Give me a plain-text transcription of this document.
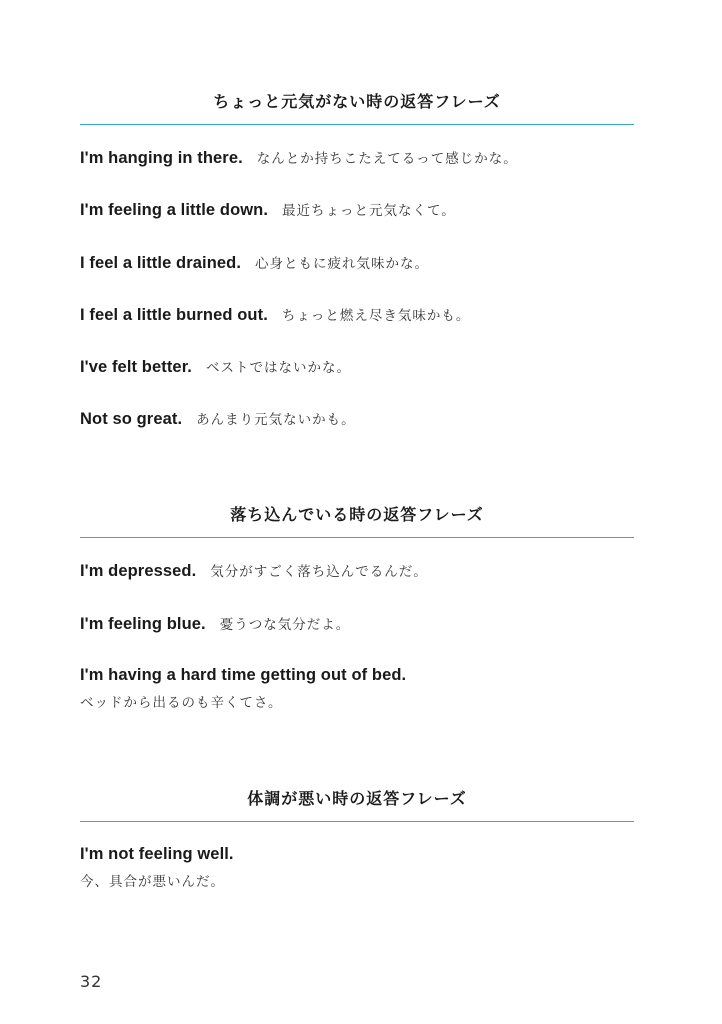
ちょっと元気がない時の返答フレーズ
I'm hanging in there. なんとか持ちこたえてるって感じかな。
I'm feeling a little down. 最近ちょっと元気なくて。
I feel a little drained. 心身ともに疲れ気味かな。
I feel a little burned out. ちょっと燃え尽き気味かも。
I've felt better. ベストではないかな。
Not so great. あんまり元気ないかも。
落ち込んでいる時の返答フレーズ
I'm depressed. 気分がすごく落ち込んでるんだ。
I'm feeling blue. 憂うつな気分だよ。
I'm having a hard time getting out of bed.
ベッドから出るのも辛くてさ。
体調が悪い時の返答フレーズ
I'm not feeling well.
今、具合が悪いんだ。
32
